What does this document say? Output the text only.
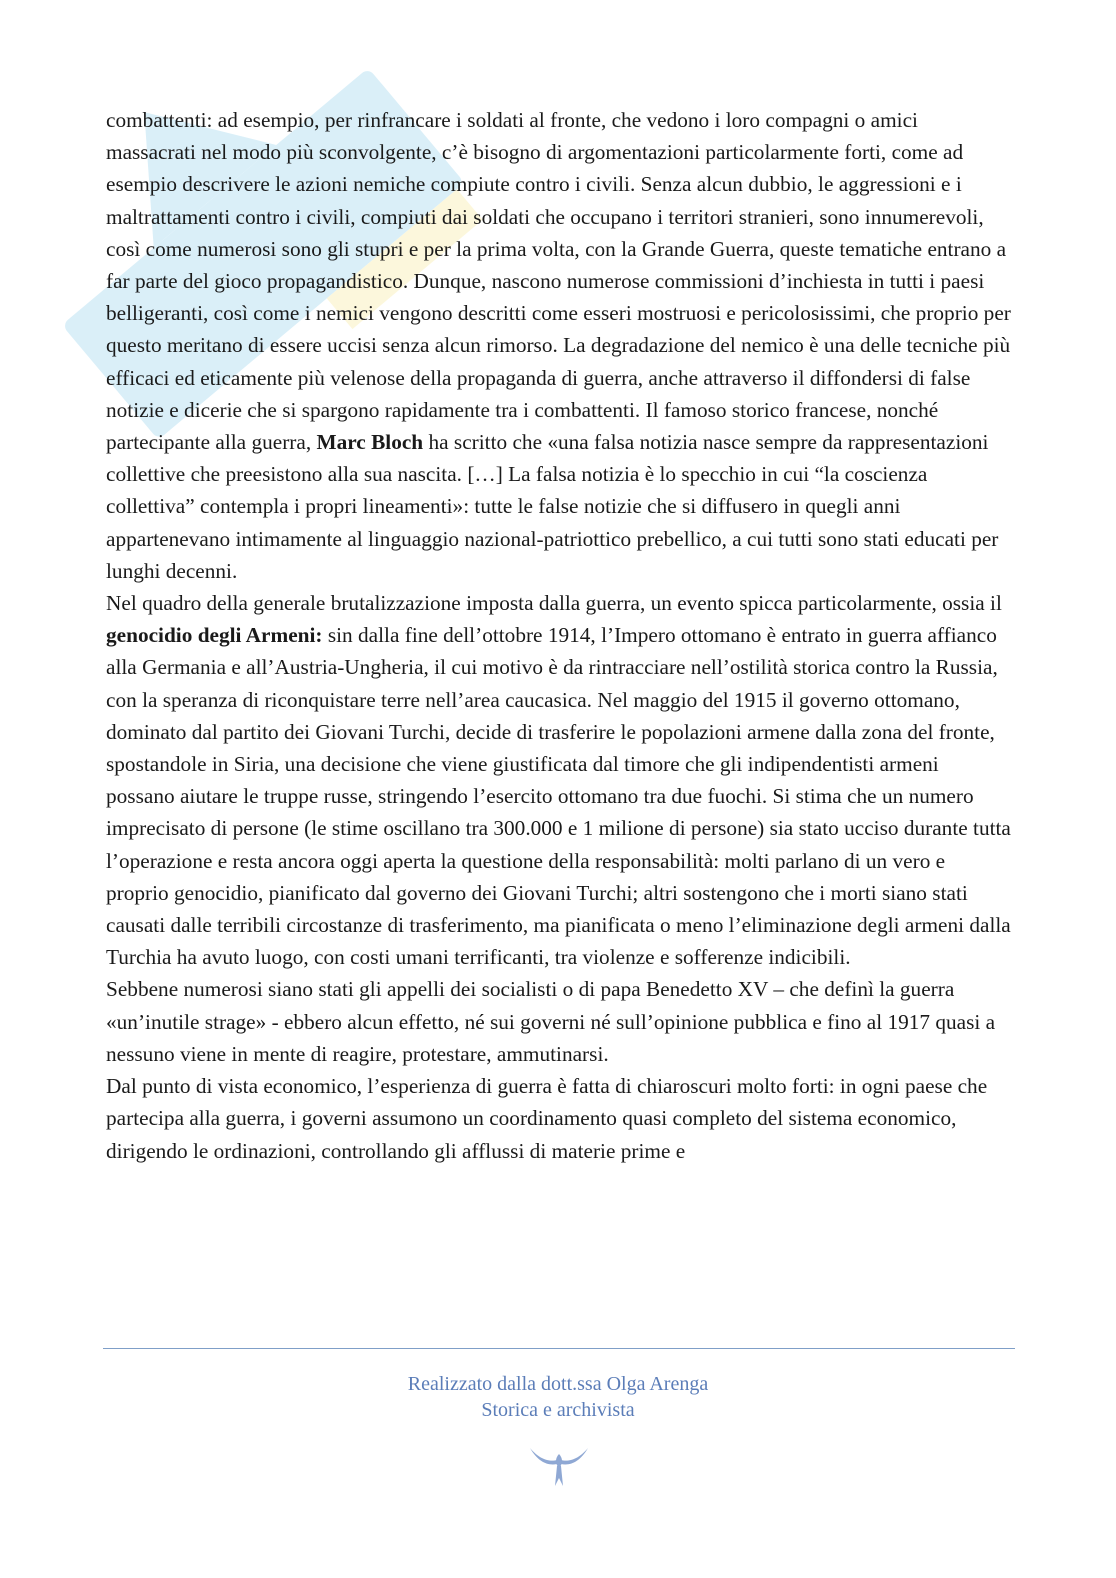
combattenti: ad esempio, per rinfrancare i soldati al fronte, che vedono i loro compagni o amici massacrati nel modo più sconvolgente, c’è bisogno di argomentazioni particolarmente forti, come ad esempio descrivere le azioni nemiche compiute contro i civili. Senza alcun dubbio, le aggressioni e i maltrattamenti contro i civili, compiuti dai soldati che occupano i territori stranieri, sono innumerevoli, così come numerosi sono gli stupri e per la prima volta, con la Grande Guerra, queste tematiche entrano a far parte del gioco propagandistico. Dunque, nascono numerose commissioni d’inchiesta in tutti i paesi belligeranti, così come i nemici vengono descritti come esseri mostruosi e pericolosissimi, che proprio per questo meritano di essere uccisi senza alcun rimorso. La degradazione del nemico è una delle tecniche più efficaci ed eticamente più velenose della propaganda di guerra, anche attraverso il diffondersi di false notizie e dicerie che si spargono rapidamente tra i combattenti. Il famoso storico francese, nonché partecipante alla guerra, Marc Bloch ha scritto che «una falsa notizia nasce sempre da rappresentazioni collettive che preesistono alla sua nascita. […] La falsa notizia è lo specchio in cui “la coscienza collettiva” contempla i propri lineamenti»: tutte le false notizie che si diffusero in quegli anni appartenevano intimamente al linguaggio nazional-patriottico prebellico, a cui tutti sono stati educati per lunghi decenni.

Nel quadro della generale brutalizzazione imposta dalla guerra, un evento spicca particolarmente, ossia il genocidio degli Armeni: sin dalla fine dell’ottobre 1914, l’Impero ottomano è entrato in guerra affianco alla Germania e all’Austria-Ungheria, il cui motivo è da rintracciare nell’ostilità storica contro la Russia, con la speranza di riconquistare terre nell’area caucasica. Nel maggio del 1915 il governo ottomano, dominato dal partito dei Giovani Turchi, decide di trasferire le popolazioni armene dalla zona del fronte, spostandole in Siria, una decisione che viene giustificata dal timore che gli indipendentisti armeni possano aiutare le truppe russe, stringendo l’esercito ottomano tra due fuochi. Si stima che un numero imprecisato di persone (le stime oscillano tra 300.000 e 1 milione di persone) sia stato ucciso durante tutta l’operazione e resta ancora oggi aperta la questione della responsabilità: molti parlano di un vero e proprio genocidio, pianificato dal governo dei Giovani Turchi; altri sostengono che i morti siano stati causati dalle terribili circostanze di trasferimento, ma pianificata o meno l’eliminazione degli armeni dalla Turchia ha avuto luogo, con costi umani terrificanti, tra violenze e sofferenze indicibili.

Sebbene numerosi siano stati gli appelli dei socialisti o di papa Benedetto XV – che definì la guerra «un’inutile strage» - ebbero alcun effetto, né sui governi né sull’opinione pubblica e fino al 1917 quasi a nessuno viene in mente di reagire, protestare, ammutinarsi.

Dal punto di vista economico, l’esperienza di guerra è fatta di chiaroscuri molto forti: in ogni paese che partecipa alla guerra, i governi assumono un coordinamento quasi completo del sistema economico, dirigendo le ordinazioni, controllando gli afflussi di materie prime e

Realizzato dalla dott.ssa Olga Arenga
Storica e archivista
